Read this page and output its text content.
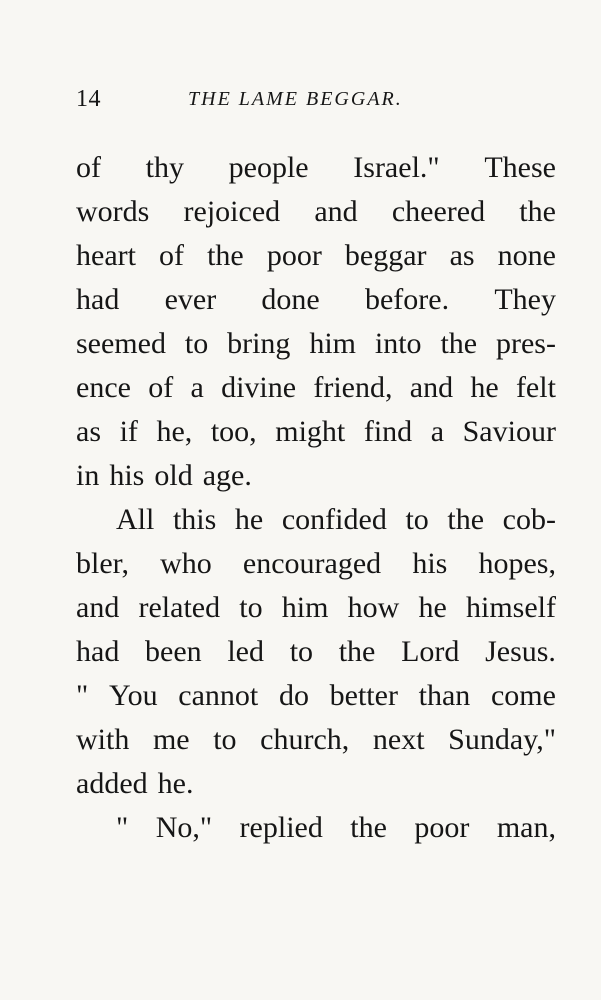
14	THE LAME BEGGAR.
of thy people Israel." These
words rejoiced and cheered the
heart of the poor beggar as none
had ever done before. They
seemed to bring him into the pres-
ence of a divine friend, and he felt
as if he, too, might find a Saviour
in his old age.
All this he confided to the cob-
bler, who encouraged his hopes,
and related to him how he himself
had been led to the Lord Jesus.
" You cannot do better than come
with me to church, next Sunday,"
added he.
" No," replied the poor man,
